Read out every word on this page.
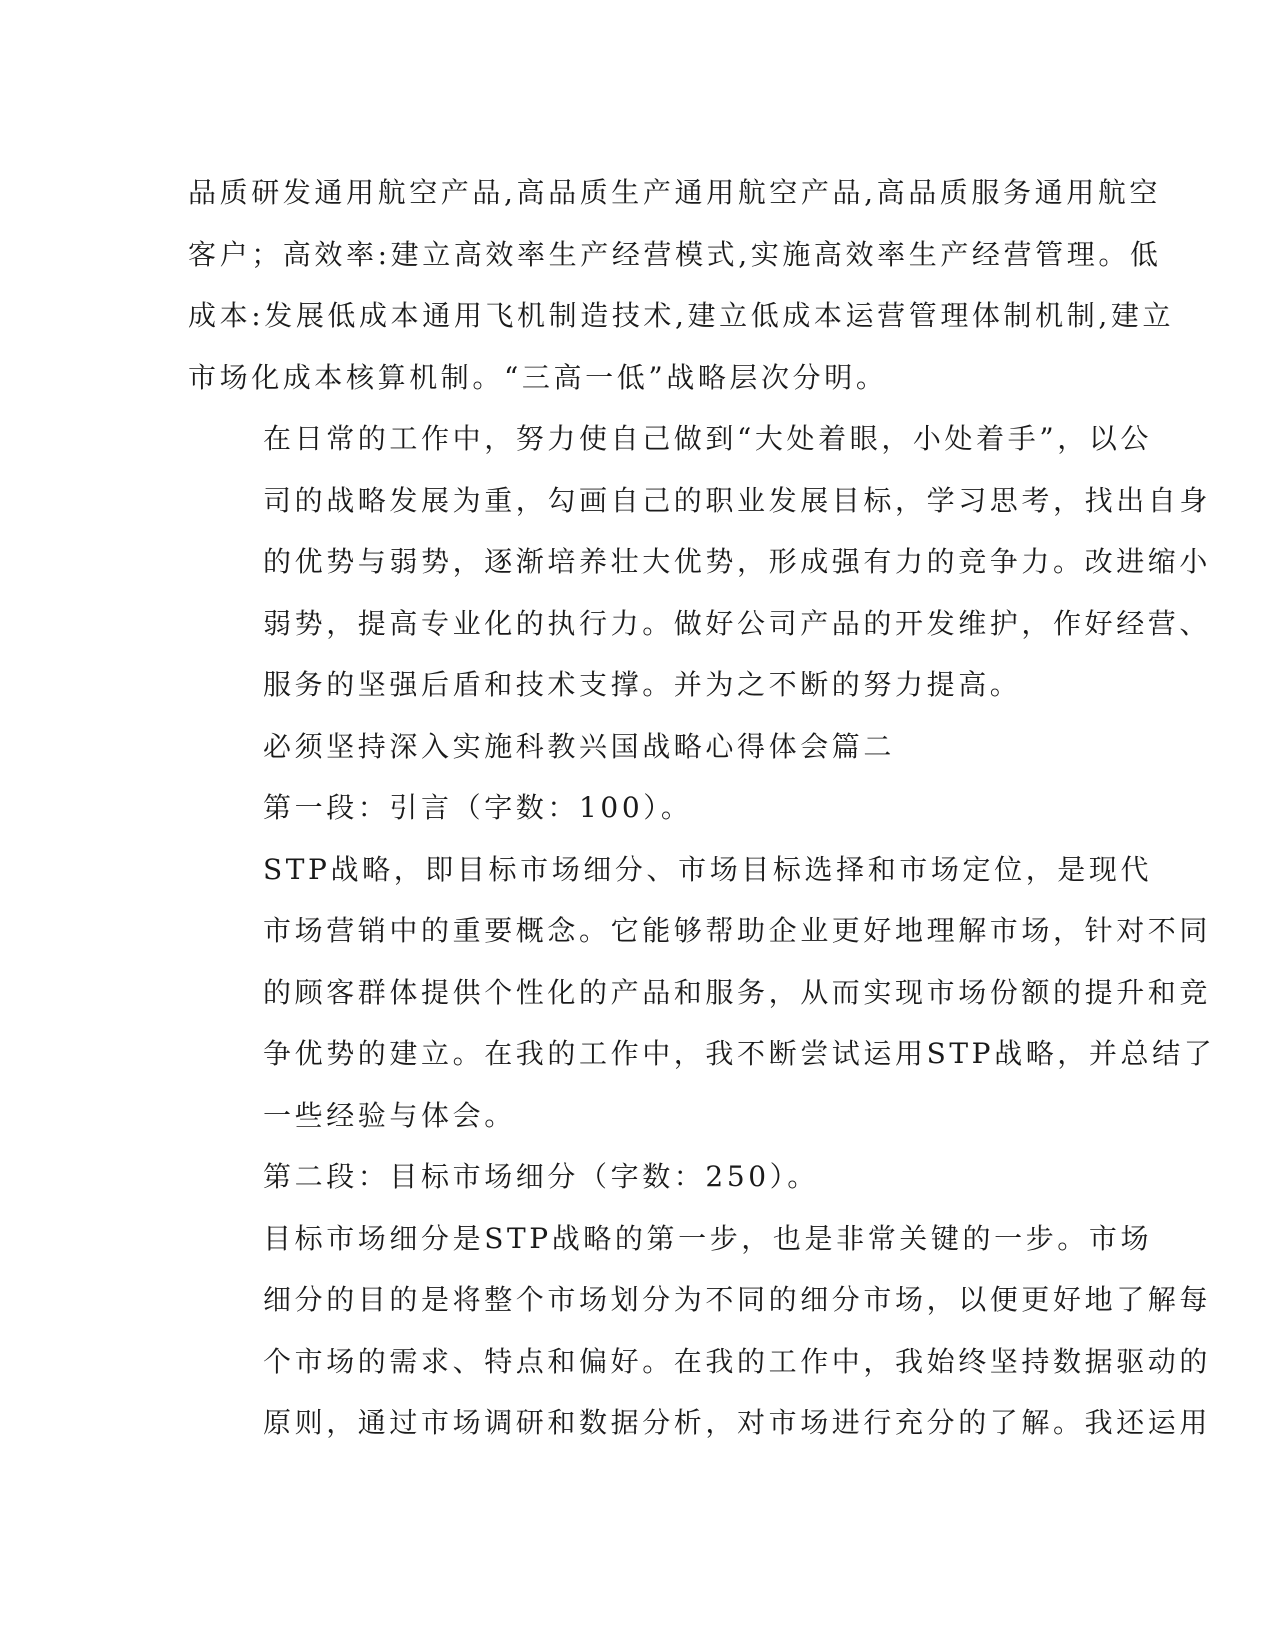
品质研发通用航空产品,高品质生产通用航空产品,高品质服务通用航空
客户；高效率:建立高效率生产经营模式,实施高效率生产经营管理。低
成本:发展低成本通用飞机制造技术,建立低成本运营管理体制机制,建立
市场化成本核算机制。“三高一低”战略层次分明。

在日常的工作中，努力使自己做到“大处着眼，小处着手”，以公
司的战略发展为重，勾画自己的职业发展目标，学习思考，找出自身
的优势与弱势，逐渐培养壮大优势，形成强有力的竞争力。改进缩小
弱势，提高专业化的执行力。做好公司产品的开发维护，作好经营、
服务的坚强后盾和技术支撑。并为之不断的努力提高。

必须坚持深入实施科教兴国战略心得体会篇二

第一段：引言（字数：100）。

STP战略，即目标市场细分、市场目标选择和市场定位，是现代
市场营销中的重要概念。它能够帮助企业更好地理解市场，针对不同
的顾客群体提供个性化的产品和服务，从而实现市场份额的提升和竞
争优势的建立。在我的工作中，我不断尝试运用STP战略，并总结了
一些经验与体会。

第二段：目标市场细分（字数：250）。

目标市场细分是STP战略的第一步，也是非常关键的一步。市场
细分的目的是将整个市场划分为不同的细分市场，以便更好地了解每
个市场的需求、特点和偏好。在我的工作中，我始终坚持数据驱动的
原则，通过市场调研和数据分析，对市场进行充分的了解。我还运用
